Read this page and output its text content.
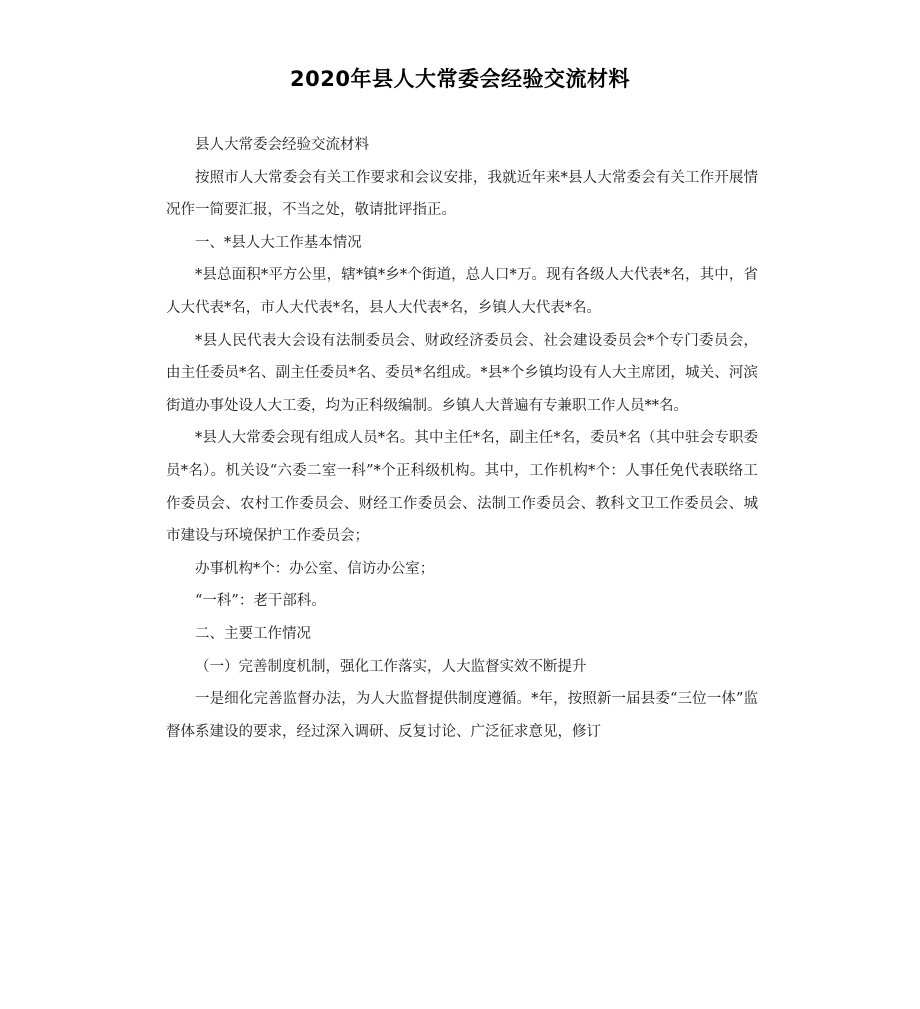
2020年县人大常委会经验交流材料

县人大常委会经验交流材料

按照市人大常委会有关工作要求和会议安排，我就近年来*县人大常委会有关工作开展情况作一简要汇报，不当之处，敬请批评指正。

一、*县人大工作基本情况

*县总面积*平方公里，辖*镇*乡*个街道，总人口*万。现有各级人大代表*名，其中，省人大代表*名，市人大代表*名，县人大代表*名，乡镇人大代表*名。

*县人民代表大会设有法制委员会、财政经济委员会、社会建设委员会*个专门委员会，由主任委员*名、副主任委员*名、委员*名组成。*县*个乡镇均设有人大主席团，城关、河滨街道办事处设人大工委，均为正科级编制。乡镇人大普遍有专兼职工作人员**名。

*县人大常委会现有组成人员*名。其中主任*名，副主任*名，委员*名（其中驻会专职委员*名）。机关设“六委二室一科”*个正科级机构。其中，工作机构*个：人事任免代表联络工作委员会、农村工作委员会、财经工作委员会、法制工作委员会、教科文卫工作委员会、城市建设与环境保护工作委员会；

办事机构*个：办公室、信访办公室；

“一科”：老干部科。

二、主要工作情况

（一）完善制度机制，强化工作落实，人大监督实效不断提升

一是细化完善监督办法，为人大监督提供制度遵循。*年，按照新一届县委“三位一体”监督体系建设的要求，经过深入调研、反复讨论、广泛征求意见，修订
